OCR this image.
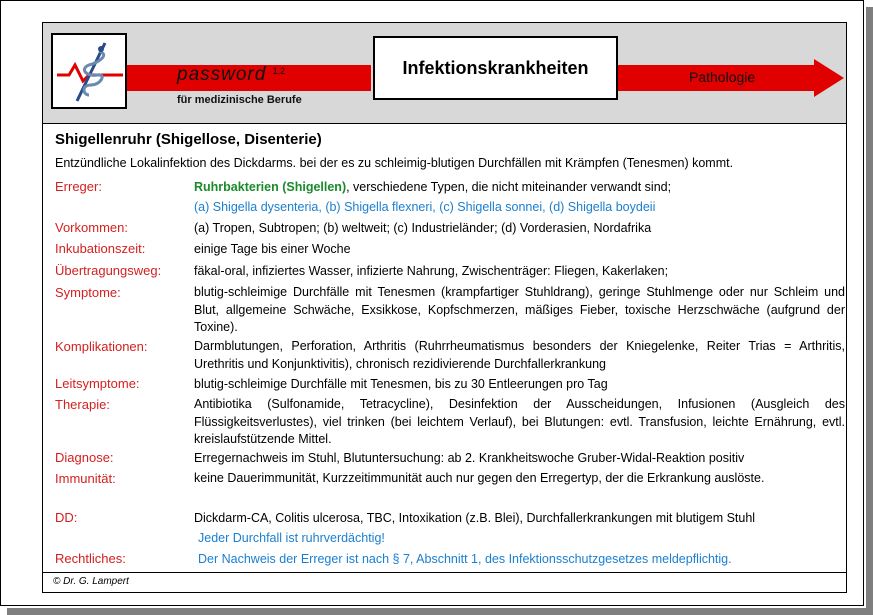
password $^{1,2}$
für medizinische Berufe
Infektionskrankheiten	Pathologie
Shigellenruhr (Shigellose, Disenterie)
Entzündliche Lokalinfektion des Dickdarms. bei der es zu schleimig-blutigen Durchfällen mit Krämpfen (Tenesmen) kommt.
Erreger:	Ruhrbakterien (Shigellen), verschiedene Typen, die nicht miteinander verwandt sind;
(a) Shigella dysenteria, (b) Shigella flexneri, (c) Shigella sonnei, (d) Shigella boydeii
Vorkommen:	(a) Tropen, Subtropen; (b) weltweit; (c) Industrieländer; (d) Vorderasien, Nordafrika
Inkubationszeit:	einige Tage bis einer Woche
Übertragungsweg:	fäkal-oral, infiziertes Wasser, infizierte Nahrung, Zwischenträger: Fliegen, Kakerlaken;
Symptome:	blutig-schleimige Durchfälle mit Tenesmen (krampfartiger Stuhldrang), geringe Stuhlmenge oder nur Schleim und Blut, allgemeine Schwäche, Exsikkose, Kopfschmerzen, mäßiges Fieber, toxische Herzschwäche (aufgrund der Toxine).
Komplikationen:	Darmblutungen, Perforation, Arthritis (Ruhrrheumatismus besonders der Kniegelenke, Reiter Trias = Arthritis, Urethritis und Konjunktivitis), chronisch rezidivierende Durchfallerkrankung
Leitsymptome:	blutig-schleimige Durchfälle mit Tenesmen, bis zu 30 Entleerungen pro Tag
Therapie:	Antibiotika (Sulfonamide, Tetracycline), Desinfektion der Ausscheidungen, Infusionen (Ausgleich des Flüssigkeitsverlustes), viel trinken (bei leichtem Verlauf), bei Blutungen: evtl. Transfusion, leichte Ernährung, evtl. kreislaufstützende Mittel.
Diagnose:	Erregernachweis im Stuhl, Blutuntersuchung: ab 2. Krankheitswoche Gruber-Widal-Reaktion positiv
Immunität:	keine Dauerimmunität, Kurzzeitimmunität auch nur gegen den Erregertyp, der die Erkrankung auslöste.
DD:	Dickdarm-CA, Colitis ulcerosa, TBC, Intoxikation (z.B. Blei), Durchfallerkrankungen mit blutigem Stuhl
Jeder Durchfall ist ruhrverdächtig!
Rechtliches:	Der Nachweis der Erreger ist nach § 7, Abschnitt 1, des Infektionsschutzgesetzes meldepflichtig.
© Dr. G. Lampert
